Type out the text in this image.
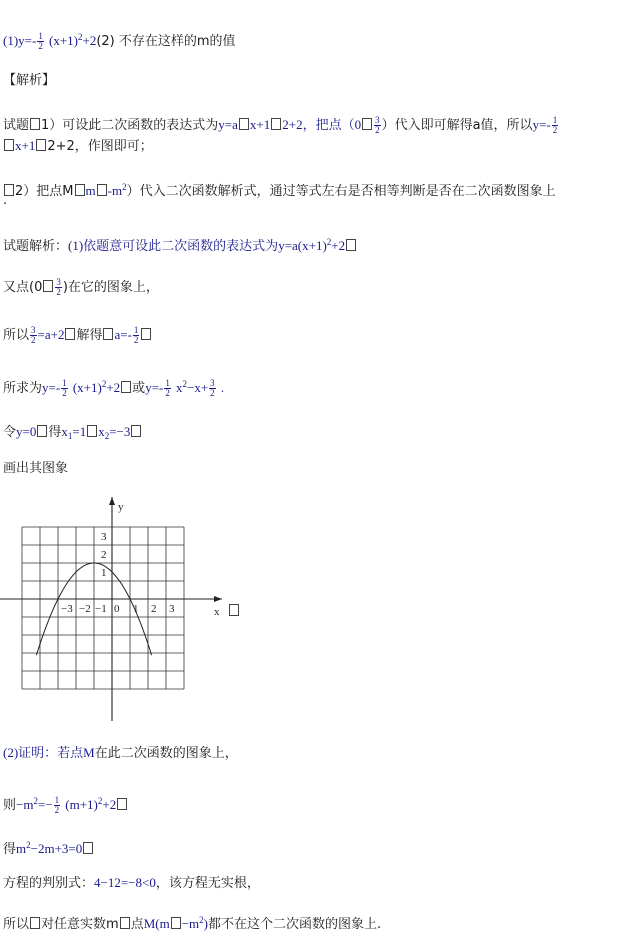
$(1)y=- \frac{1}{2} (x+1)^2+2(2)$ 不存在这样的m的值
【解析】
试题 1）可设此二次函数的表达式为y=a x+1 2+2，把点（$0 \frac{3}{2}$ ）代入即可解得a值，所以$y=- \frac{1}{2}$
x+1 2+2，作图即可；
2）把点M m $-m^2$）代入二次函数解析式，通过等式左右是否相等判断是否在二次函数图象上
.
试题解析：(1)依题意可设此二次函数的表达式为$y=a(x+1)^2+2$
又点($0 \frac{3}{2}$ )在它的图象上，
所以 $\frac{3}{2} =a+2$ 解得 $a=- \frac{1}{2}$
所求为$y=- \frac{1}{2} (x+1)^2+2$ 或$y=- \frac{1}{2} x^2-x+ \frac{3}{2}$ .
令y=0 得$x_1=1$ $x_2=-3$
画出其图象
y
x
−3 −2 −1 0 1 2 3
3
2
1
(2)证明：若点M在此二次函数的图象上，
则$-m^2=- \frac{1}{2} (m+1)^2+2$
得$m^2-2m+3=0$
方程的判别式：4−12=−8<0，该方程无实根，
所以 对任意实数m 点$M(m -m^2)$都不在这个二次函数的图象上.
